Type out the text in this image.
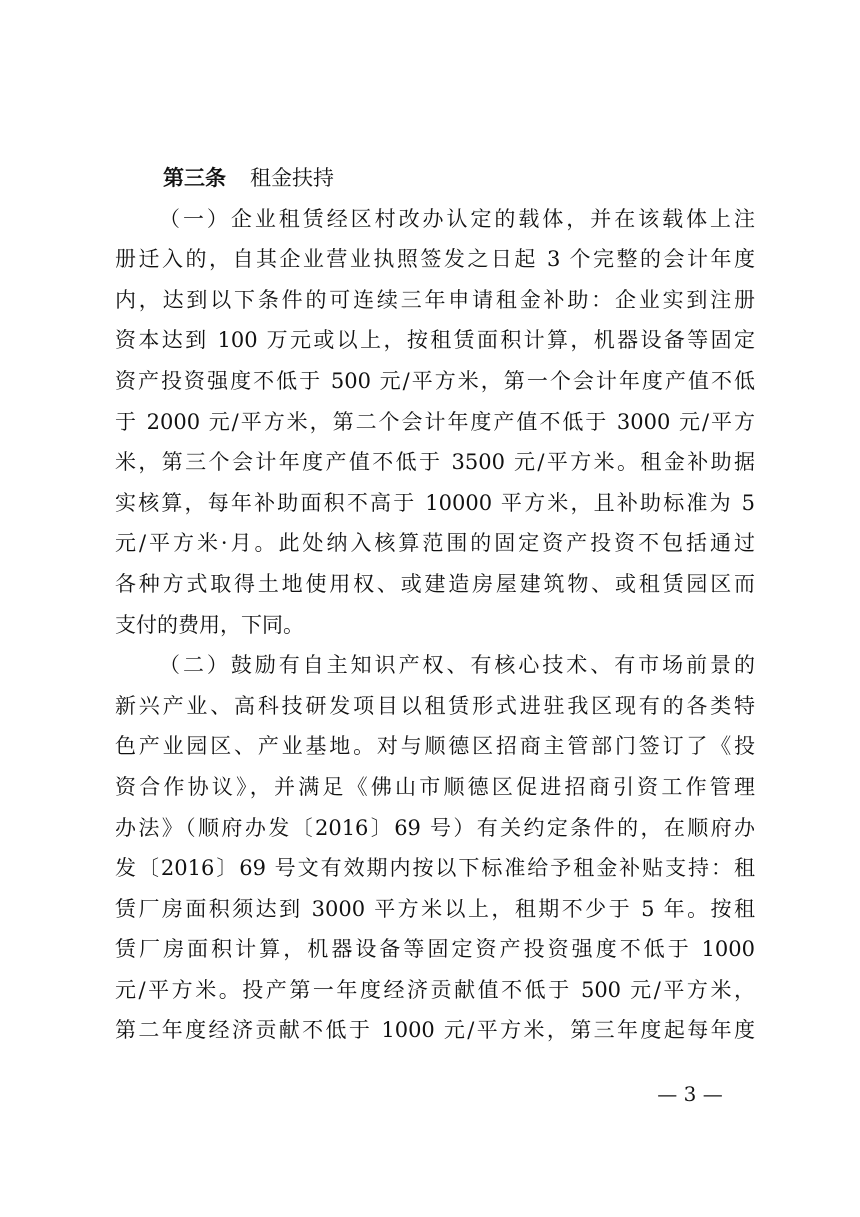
第三条 租金扶持
（一）企业租赁经区村改办认定的载体，并在该载体上注
册迁入的，自其企业营业执照签发之日起 3 个完整的会计年度
内，达到以下条件的可连续三年申请租金补助：企业实到注册
资本达到 100 万元或以上，按租赁面积计算，机器设备等固定
资产投资强度不低于 500 元/平方米，第一个会计年度产值不低
于 2000 元/平方米，第二个会计年度产值不低于 3000 元/平方
米，第三个会计年度产值不低于 3500 元/平方米。租金补助据
实核算，每年补助面积不高于 10000 平方米，且补助标准为 5
元/平方米·月。此处纳入核算范围的固定资产投资不包括通过
各种方式取得土地使用权、或建造房屋建筑物、或租赁园区而
支付的费用，下同。
（二）鼓励有自主知识产权、有核心技术、有市场前景的
新兴产业、高科技研发项目以租赁形式进驻我区现有的各类特
色产业园区、产业基地。对与顺德区招商主管部门签订了《投
资合作协议》，并满足《佛山市顺德区促进招商引资工作管理
办法》（顺府办发〔2016〕69 号）有关约定条件的，在顺府办
发〔2016〕69 号文有效期内按以下标准给予租金补贴支持：租
赁厂房面积须达到 3000 平方米以上，租期不少于 5 年。按租
赁厂房面积计算，机器设备等固定资产投资强度不低于 1000
元/平方米。投产第一年度经济贡献值不低于 500 元/平方米，
第二年度经济贡献不低于 1000 元/平方米，第三年度起每年度
— 3 —
